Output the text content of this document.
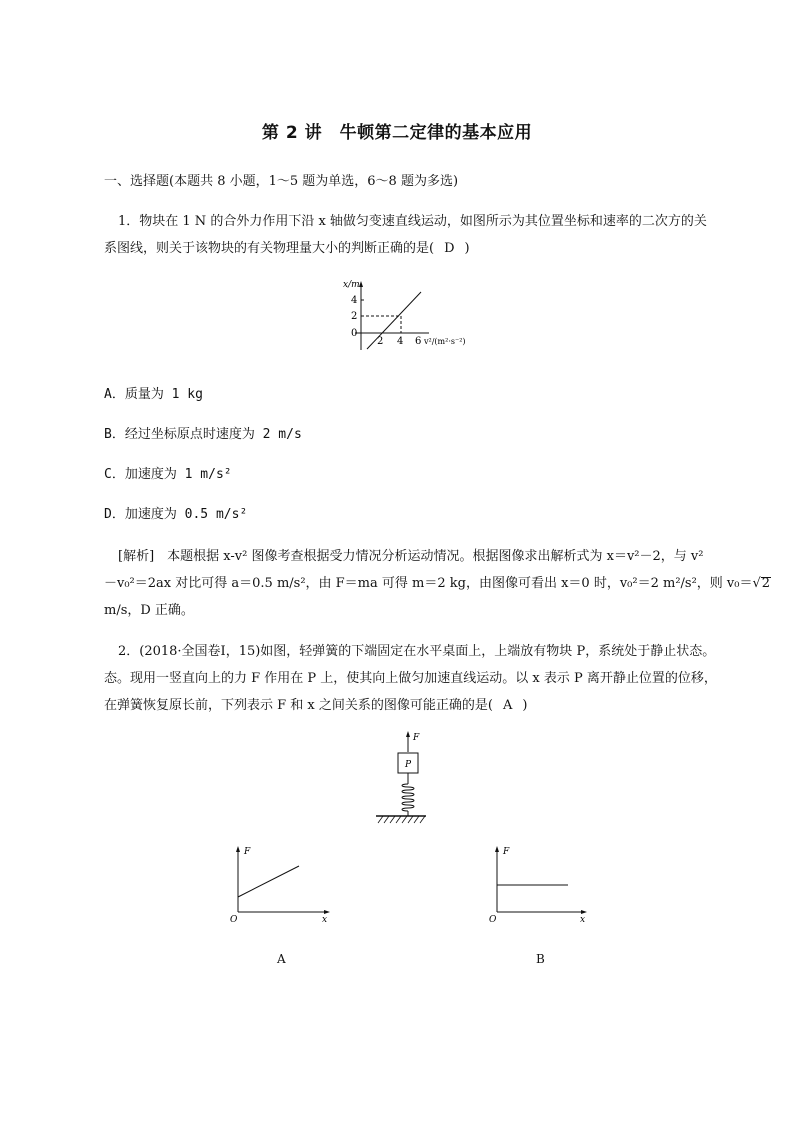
第 2 讲　牛顿第二定律的基本应用
一、选择题(本题共 8 小题，1～5 题为单选，6～8 题为多选)
1．物块在 1 N 的合外力作用下沿 x 轴做匀变速直线运动，如图所示为其位置坐标和速率的二次方的关
系图线，则关于该物块的有关物理量大小的判断正确的是( D )
x/m
4
2
0
2 4 6 v²/(m²·s⁻²)
A．质量为 1 kg
B．经过坐标原点时速度为 2 m/s
C．加速度为 1 m/s²
D．加速度为 0.5 m/s²
[解析]　 本题根据 x-v² 图像考查根据受力情况分析运动情况。根据图像求出解析式为 x＝v²－2，与 v²
－v₀²＝2ax 对比可得 a＝0.5 m/s²，由 F＝ma 可得 m＝2 kg，由图像可看出 x＝0 时，v₀²＝2 m²/s²，则 v₀＝√2
m/s，D 正确。
2．(2018·全国卷Ⅰ，15)如图，轻弹簧的下端固定在水平桌面上，上端放有物块 P，系统处于静止状态。
态。现用一竖直向上的力 F 作用在 P 上，使其向上做匀加速直线运动。以 x 表示 P 离开静止位置的位移，
在弹簧恢复原长前，下列表示 F 和 x 之间关系的图像可能正确的是( A )
F
P
F
O	x
A
F
O	x
B
